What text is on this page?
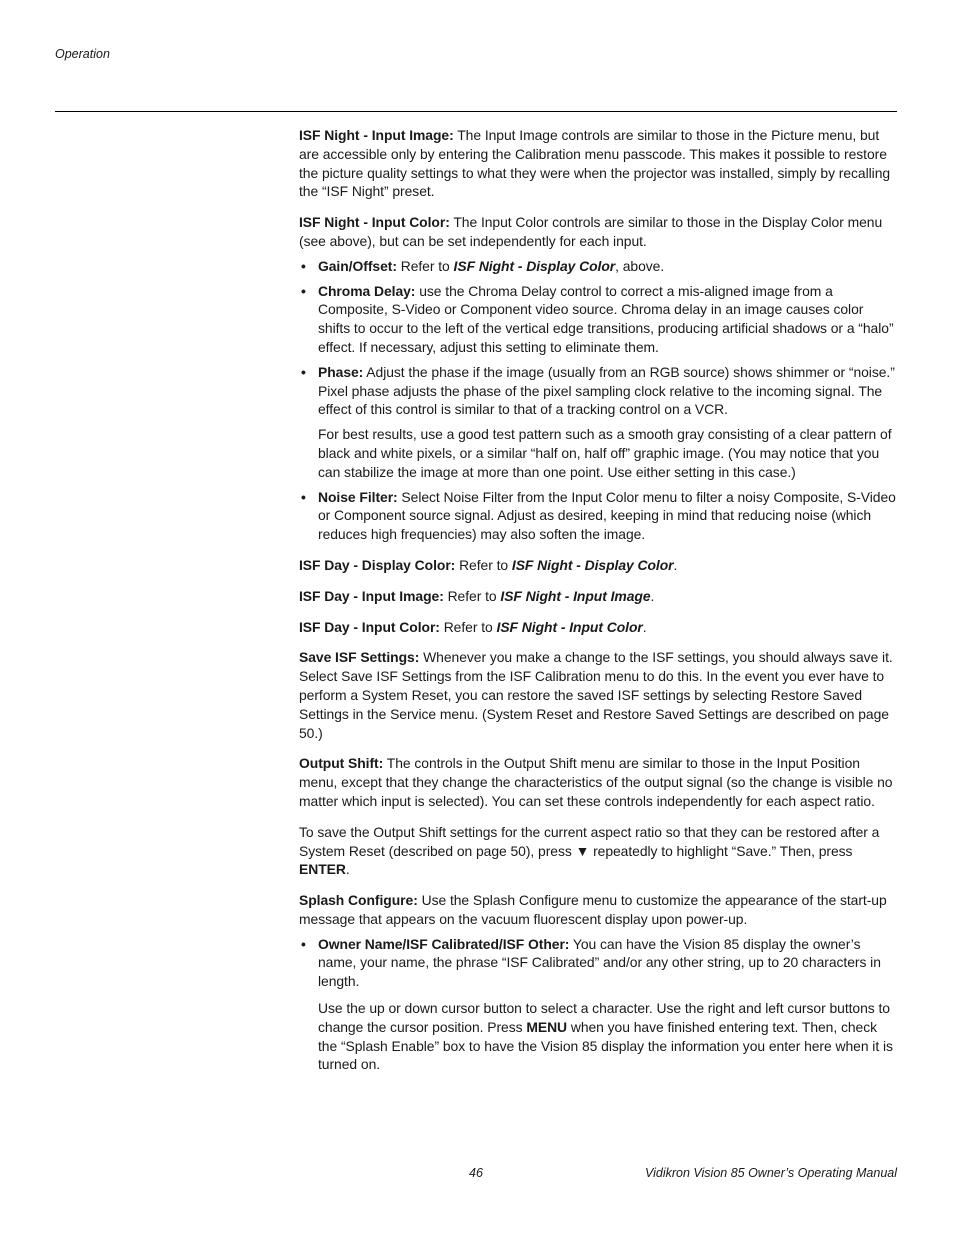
Operation

ISF Night - Input Image: The Input Image controls are similar to those in the Picture menu, but are accessible only by entering the Calibration menu passcode. This makes it possible to restore the picture quality settings to what they were when the projector was installed, simply by recalling the “ISF Night” preset.

ISF Night - Input Color: The Input Color controls are similar to those in the Display Color menu (see above), but can be set independently for each input.

• Gain/Offset: Refer to ISF Night - Display Color, above.
• Chroma Delay: use the Chroma Delay control to correct a mis-aligned image from a Composite, S-Video or Component video source. Chroma delay in an image causes color shifts to occur to the left of the vertical edge transitions, producing artificial shadows or a “halo” effect. If necessary, adjust this setting to eliminate them.
• Phase: Adjust the phase if the image (usually from an RGB source) shows shimmer or “noise.” Pixel phase adjusts the phase of the pixel sampling clock relative to the incoming signal. The effect of this control is similar to that of a tracking control on a VCR.

For best results, use a good test pattern such as a smooth gray consisting of a clear pattern of black and white pixels, or a similar “half on, half off” graphic image. (You may notice that you can stabilize the image at more than one point. Use either setting in this case.)

• Noise Filter: Select Noise Filter from the Input Color menu to filter a noisy Composite, S-Video or Component source signal. Adjust as desired, keeping in mind that reducing noise (which reduces high frequencies) may also soften the image.

ISF Day - Display Color: Refer to ISF Night - Display Color.

ISF Day - Input Image: Refer to ISF Night - Input Image.

ISF Day - Input Color: Refer to ISF Night - Input Color.

Save ISF Settings: Whenever you make a change to the ISF settings, you should always save it. Select Save ISF Settings from the ISF Calibration menu to do this. In the event you ever have to perform a System Reset, you can restore the saved ISF settings by selecting Restore Saved Settings in the Service menu. (System Reset and Restore Saved Settings are described on page 50.)

Output Shift: The controls in the Output Shift menu are similar to those in the Input Position menu, except that they change the characteristics of the output signal (so the change is visible no matter which input is selected). You can set these controls independently for each aspect ratio.

To save the Output Shift settings for the current aspect ratio so that they can be restored after a System Reset (described on page 50), press ▼ repeatedly to highlight “Save.” Then, press ENTER.

Splash Configure: Use the Splash Configure menu to customize the appearance of the start-up message that appears on the vacuum fluorescent display upon power-up.

• Owner Name/ISF Calibrated/ISF Other: You can have the Vision 85 display the owner’s name, your name, the phrase “ISF Calibrated” and/or any other string, up to 20 characters in length.

Use the up or down cursor button to select a character. Use the right and left cursor buttons to change the cursor position. Press MENU when you have finished entering text. Then, check the “Splash Enable” box to have the Vision 85 display the information you enter here when it is turned on.

46	Vidikron Vision 85 Owner’s Operating Manual
